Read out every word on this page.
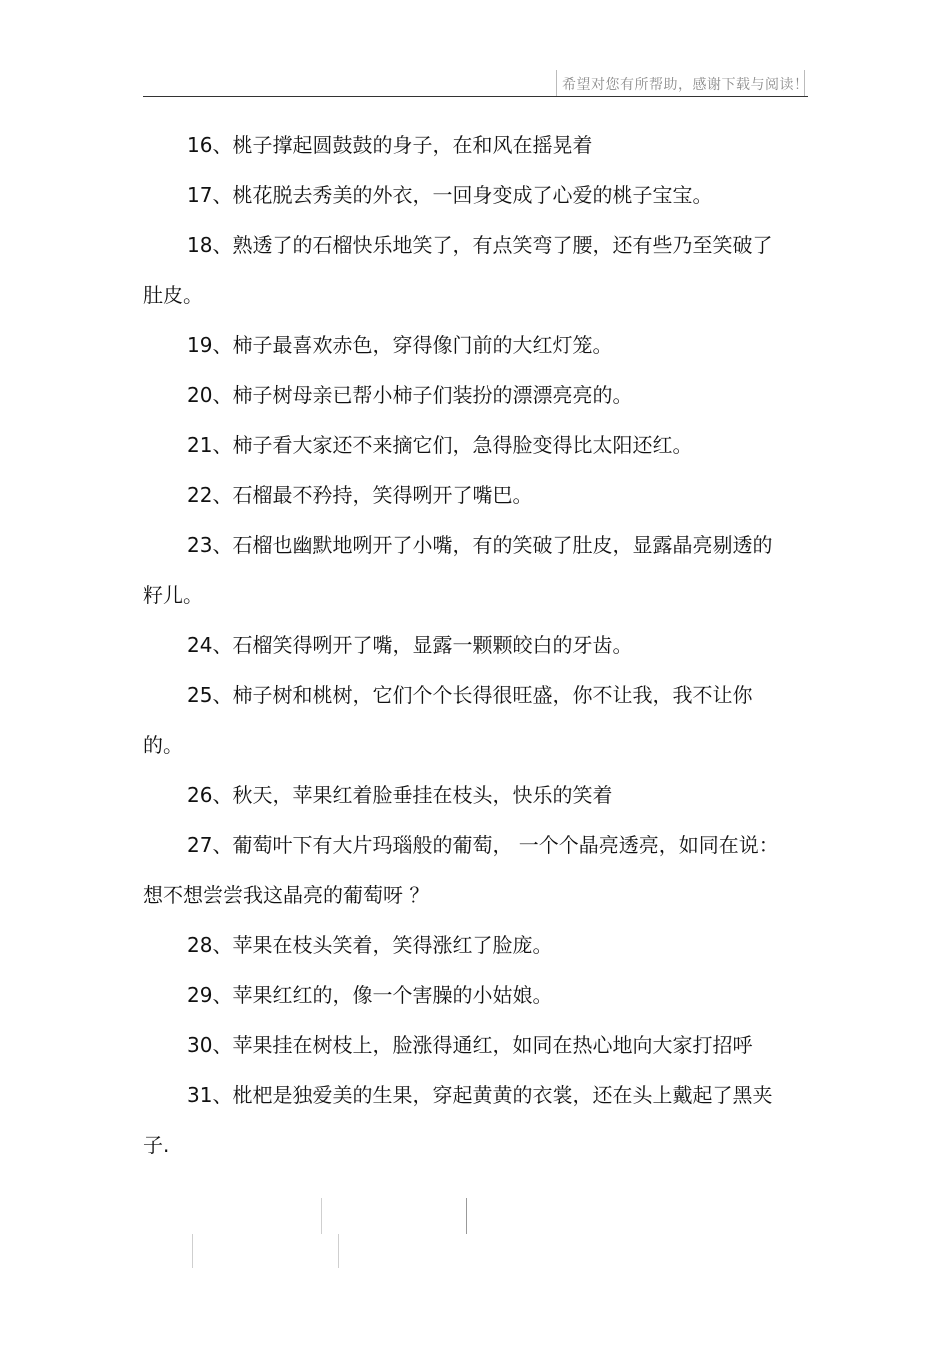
希望对您有所帮助，感谢下载与阅读！

16、桃子撑起圆鼓鼓的身子，在和风在摇晃着

17、桃花脱去秀美的外衣，一回身变成了心爱的桃子宝宝。

18、熟透了的石榴快乐地笑了，有点笑弯了腰，还有些乃至笑破了肚皮。

19、柿子最喜欢赤色，穿得像门前的大红灯笼。

20、柿子树母亲已帮小柿子们装扮的漂漂亮亮的。

21、柿子看大家还不来摘它们，急得脸变得比太阳还红。

22、石榴最不矜持，笑得咧开了嘴巴。

23、石榴也幽默地咧开了小嘴，有的笑破了肚皮，显露晶亮剔透的籽儿。

24、石榴笑得咧开了嘴，显露一颗颗皎白的牙齿。

25、柿子树和桃树，它们个个长得很旺盛，你不让我，我不让你的。

26、秋天，苹果红着脸垂挂在枝头，快乐的笑着

27、葡萄叶下有大片玛瑙般的葡萄， 一个个晶亮透亮，如同在说：想不想尝尝我这晶亮的葡萄呀 ？

28、苹果在枝头笑着，笑得涨红了脸庞。

29、苹果红红的，像一个害臊的小姑娘。

30、苹果挂在树枝上，脸涨得通红，如同在热心地向大家打招呼

31、枇杷是独爱美的生果，穿起黄黄的衣裳，还在头上戴起了黑夹子.
